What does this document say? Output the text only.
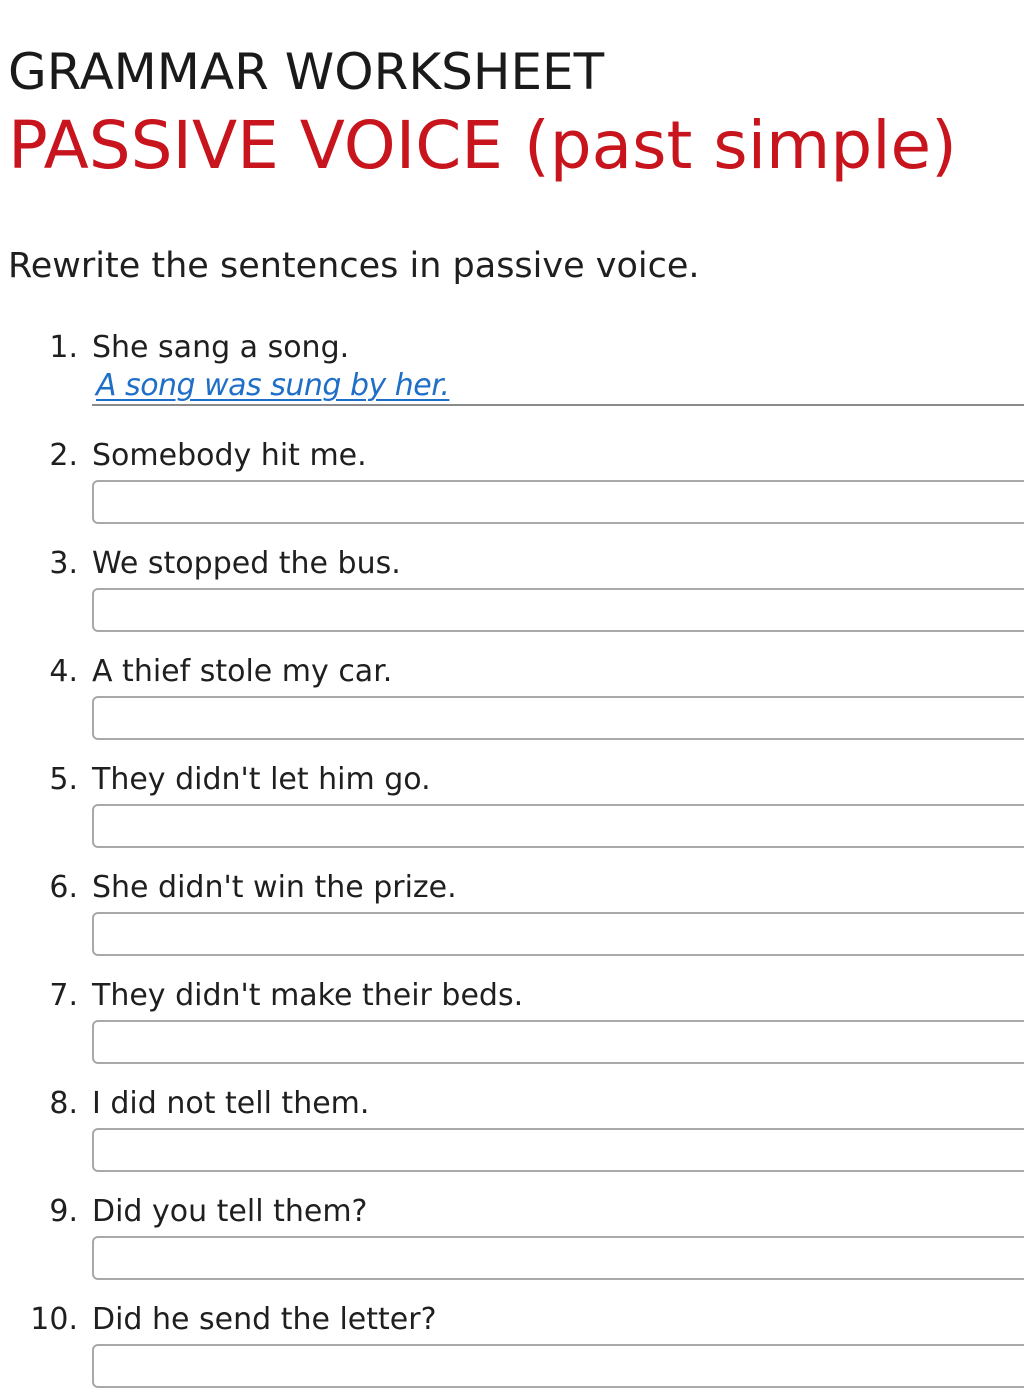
GRAMMAR WORKSHEET
PASSIVE VOICE (past simple)
Rewrite the sentences in passive voice.
1. She sang a song.
A song was sung by her.
2. Somebody hit me.
3. We stopped the bus.
4. A thief stole my car.
5. They didn't let him go.
6. She didn't win the prize.
7. They didn't make their beds.
8. I did not tell them.
9. Did you tell them?
10. Did he send the letter?
